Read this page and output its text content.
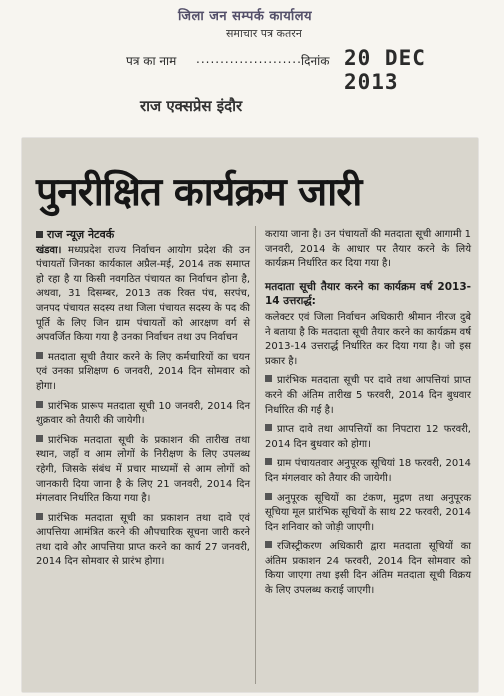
जिला जन सम्पर्क कार्यालय
समाचार पत्र कतरन
पत्र का नाम ...................... दिनांक 20 DEC 2013
राज एक्सप्रेस इंदौर
पुनरीक्षित कार्यक्रम जारी
राज न्यूज़ नेटवर्क

खंडवा। मध्यप्रदेश राज्य निर्वाचन आयोग प्रदेश की उन पंचायतों जिनका कार्यकाल अप्रैल-मई, 2014 तक समाप्त हो रहा है या किसी नवगठित पंचायत का निर्वाचन होना है, अथवा, 31 दिसम्बर, 2013 तक रिक्त पंच, सरपंच, जनपद पंचायत सदस्य तथा जिला पंचायत सदस्य के पद की पूर्ति के लिए जिन ग्राम पंचायतों को आरक्षण वर्ग से अपवर्जित किया गया है उनका निर्वाचन तथा उप निर्वाचन

मतदाता सूची तैयार करने के लिए कर्मचारियों का चयन एवं उनका प्रशिक्षण 6 जनवरी, 2014 दिन सोमवार को होगा।

प्रारंभिक प्रारूप मतदाता सूची 10 जनवरी, 2014 दिन शुक्रवार को तैयारी की जायेगी।

प्रारंभिक मतदाता सूची के प्रकाशन की तारीख तथा स्थान, जहाँ व आम लोगों के निरीक्षण के लिए उपलब्ध रहेगी, जिसके संबंध में प्रचार माध्यमों से आम लोगों को जानकारी दिया जाना है के लिए 21 जनवरी, 2014 दिन मंगलवार निर्धारित किया गया है।

प्रारंभिक मतदाता सूची का प्रकाशन तथा दावे एवं आपत्तिया आमंत्रित करने की औपचारिक सूचना जारी करने तथा दावे और आपत्तिया प्राप्त करने का कार्य 27 जनवरी, 2014 दिन सोमवार से प्रारंभ होगा।

कराया जाना है। उन पंचायतों की मतदाता सूची आगामी 1 जनवरी, 2014 के आधार पर तैयार करने के लिये कार्यक्रम निर्धारित कर दिया गया है।

मतदाता सूची तैयार करने का कार्यक्रम वर्ष 2013-14 उत्तरार्द्ध:

कलेक्टर एवं जिला निर्वाचन अधिकारी श्रीमान नीरज दुबे ने बताया है कि मतदाता सूची तैयार करने का कार्यक्रम वर्ष 2013-14 उत्तरार्द्ध निर्धारित कर दिया गया है। जो इस प्रकार है।

प्रारंभिक मतदाता सूची पर दावे तथा आपत्तियां प्राप्त करने की अंतिम तारीख 5 फरवरी, 2014 दिन बुधवार निर्धारित की गई है।

प्राप्त दावे तथा आपत्तियों का निपटारा 12 फरवरी, 2014 दिन बुधवार को होगा।

ग्राम पंचायतवार अनुपूरक सूचियां 18 फरवरी, 2014 दिन मंगलवार को तैयार की जायेगी।

अनुपूरक सूचियों का टंकण, मुद्रण तथा अनुपूरक सूचिया मूल प्रारंभिक सूचियों के साथ 22 फरवरी, 2014 दिन शनिवार को जोड़ी जाएगी।

रजिस्ट्रीकरण अधिकारी द्वारा मतदाता सूचियों का अंतिम प्रकाशन 24 फरवरी, 2014 दिन सोमवार को किया जाएगा तथा इसी दिन अंतिम मतदाता सूची विक्रय के लिए उपलब्ध कराई जाएगी।
